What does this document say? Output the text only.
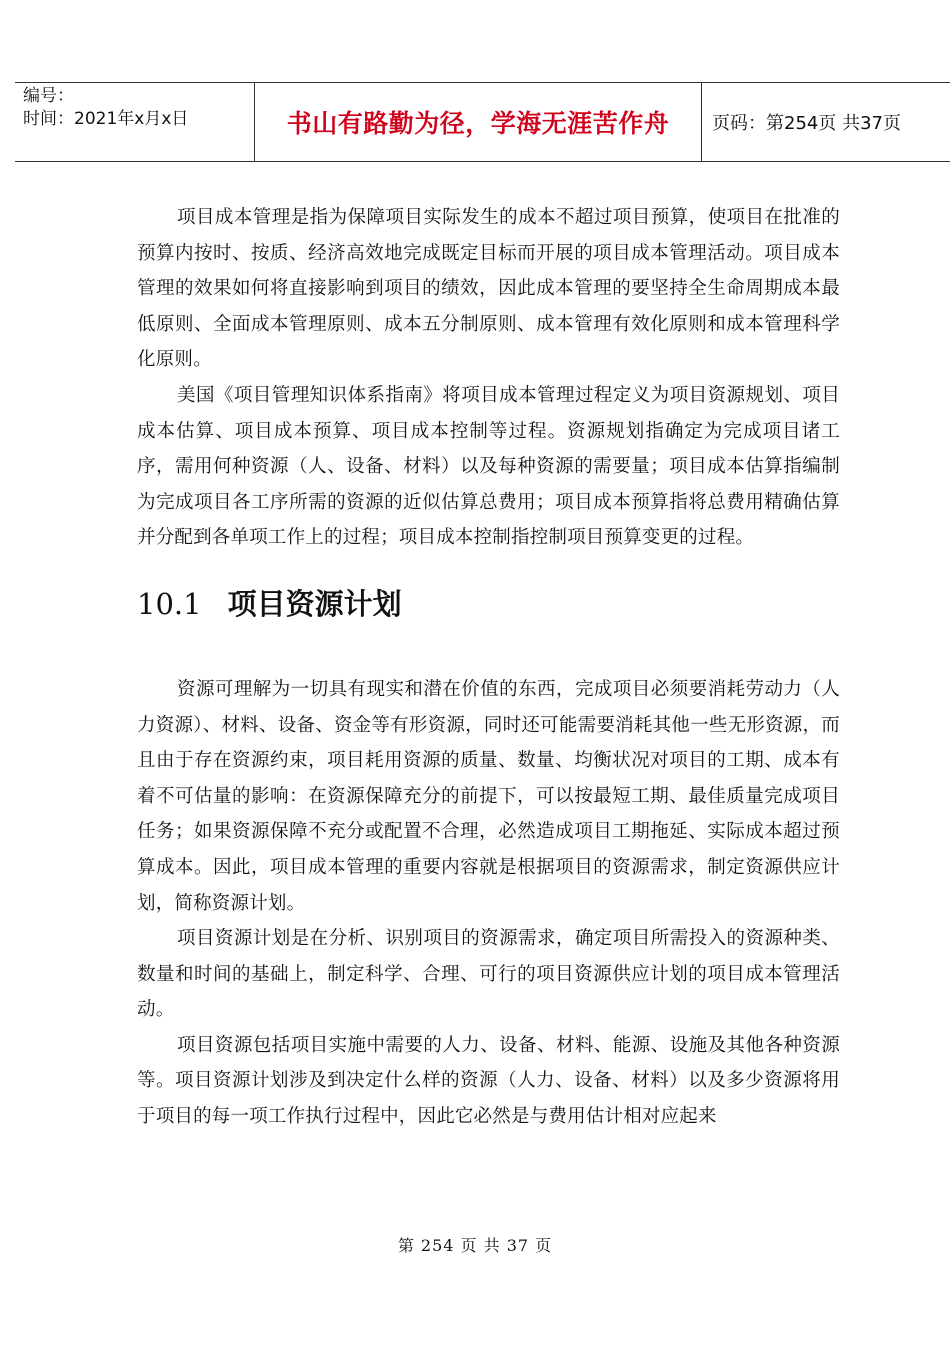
编号：
时间：2021年x月x日	书山有路勤为径，学海无涯苦作舟	页码：第254页 共37页

项目成本管理是指为保障项目实际发生的成本不超过项目预算，使项目在批准的预算内按时、按质、经济高效地完成既定目标而开展的项目成本管理活动。项目成本管理的效果如何将直接影响到项目的绩效，因此成本管理的要坚持全生命周期成本最低原则、全面成本管理原则、成本五分制原则、成本管理有效化原则和成本管理科学化原则。

美国《项目管理知识体系指南》将项目成本管理过程定义为项目资源规划、项目成本估算、项目成本预算、项目成本控制等过程。资源规划指确定为完成项目诸工序，需用何种资源（人、设备、材料）以及每种资源的需要量；项目成本估算指编制为完成项目各工序所需的资源的近似估算总费用；项目成本预算指将总费用精确估算并分配到各单项工作上的过程；项目成本控制指控制项目预算变更的过程。

10.1 项目资源计划

资源可理解为一切具有现实和潜在价值的东西，完成项目必须要消耗劳动力（人力资源）、材料、设备、资金等有形资源，同时还可能需要消耗其他一些无形资源，而且由于存在资源约束，项目耗用资源的质量、数量、均衡状况对项目的工期、成本有着不可估量的影响：在资源保障充分的前提下，可以按最短工期、最佳质量完成项目任务；如果资源保障不充分或配置不合理，必然造成项目工期拖延、实际成本超过预算成本。因此，项目成本管理的重要内容就是根据项目的资源需求，制定资源供应计划，简称资源计划。

项目资源计划是在分析、识别项目的资源需求，确定项目所需投入的资源种类、数量和时间的基础上，制定科学、合理、可行的项目资源供应计划的项目成本管理活动。

项目资源包括项目实施中需要的人力、设备、材料、能源、设施及其他各种资源等。项目资源计划涉及到决定什么样的资源（人力、设备、材料）以及多少资源将用于项目的每一项工作执行过程中，因此它必然是与费用估计相对应起来

第 254 页 共 37 页
